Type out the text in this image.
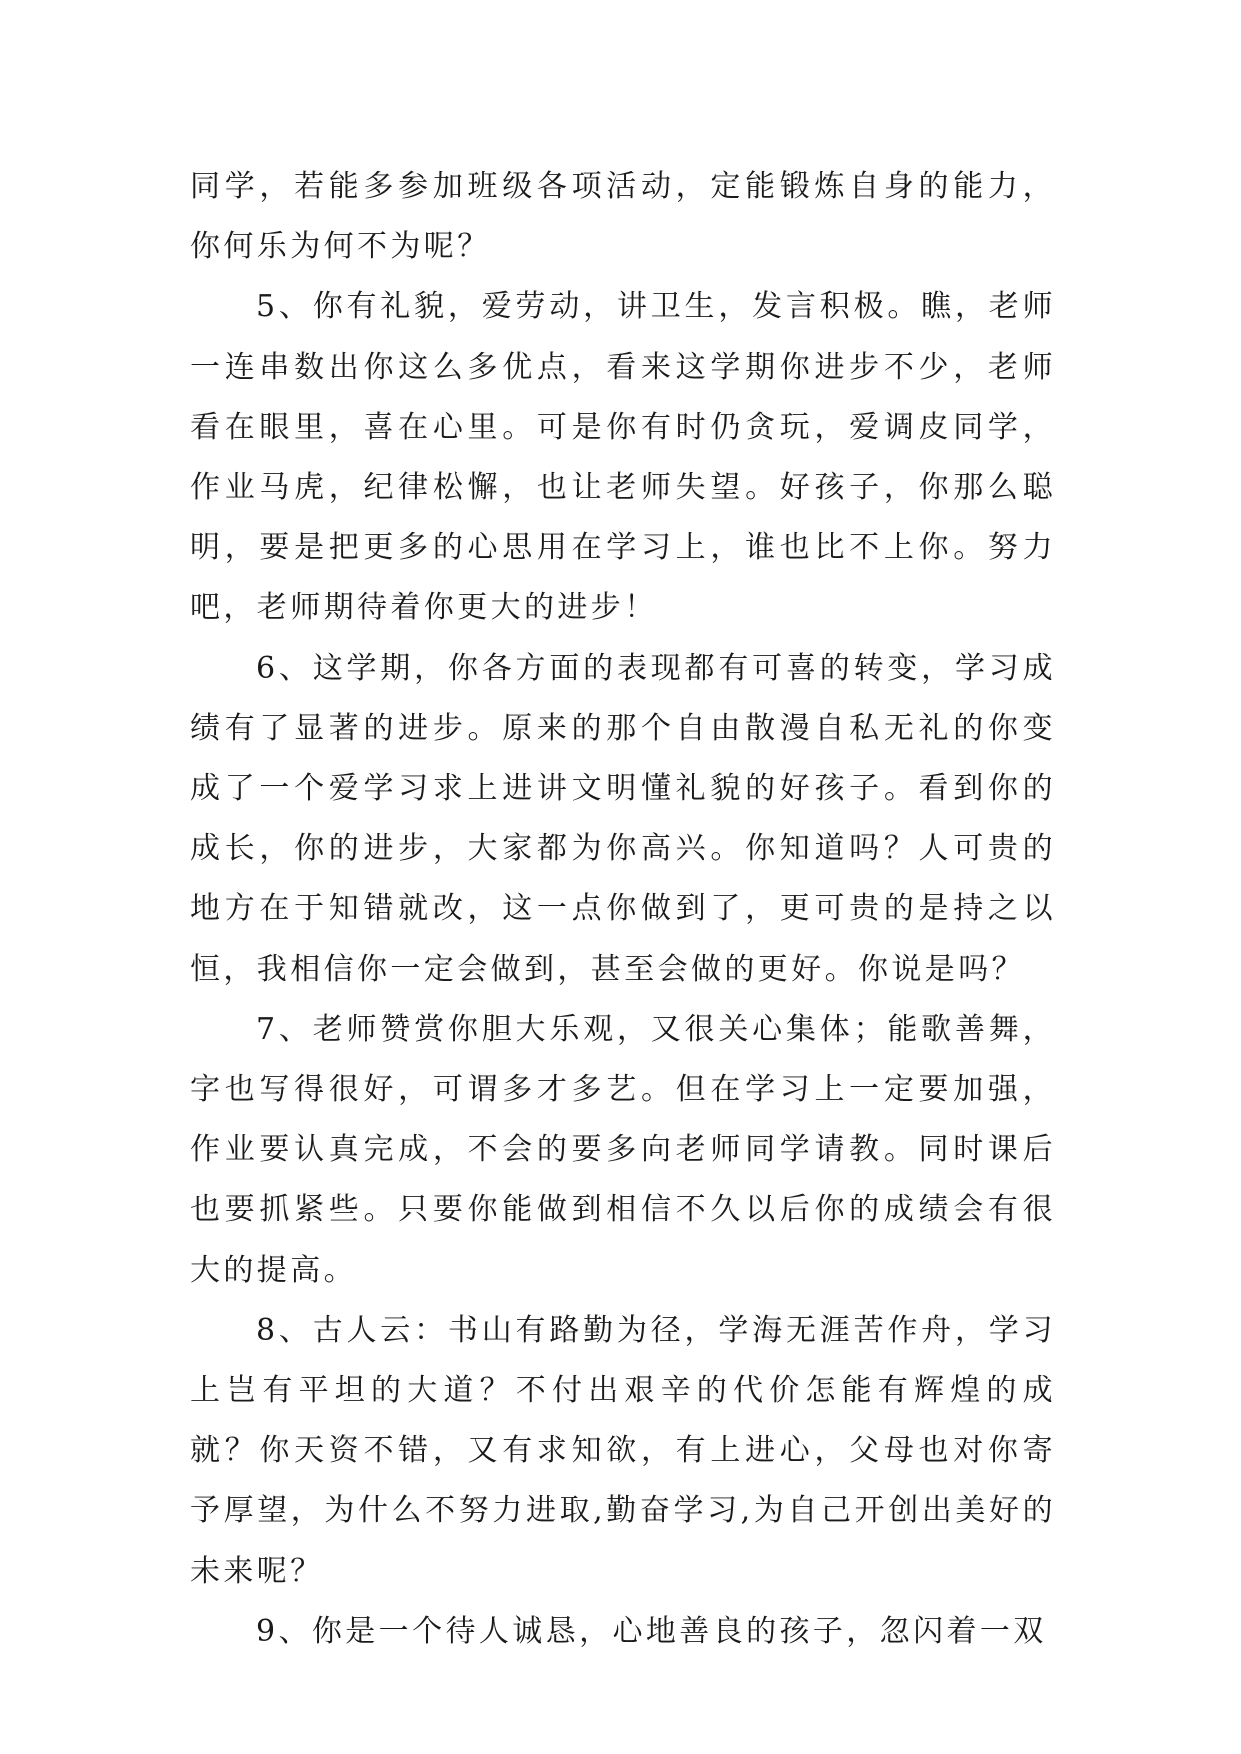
同学，若能多参加班级各项活动，定能锻炼自身的能力，你何乐为何不为呢？

5、你有礼貌，爱劳动，讲卫生，发言积极。瞧，老师一连串数出你这么多优点，看来这学期你进步不少，老师看在眼里，喜在心里。可是你有时仍贪玩，爱调皮同学，作业马虎，纪律松懈，也让老师失望。好孩子，你那么聪明，要是把更多的心思用在学习上，谁也比不上你。努力吧，老师期待着你更大的进步！

6、这学期，你各方面的表现都有可喜的转变，学习成绩有了显著的进步。原来的那个自由散漫自私无礼的你变成了一个爱学习求上进讲文明懂礼貌的好孩子。看到你的成长，你的进步，大家都为你高兴。你知道吗？人可贵的地方在于知错就改，这一点你做到了，更可贵的是持之以恒，我相信你一定会做到，甚至会做的更好。你说是吗？

7、老师赞赏你胆大乐观，又很关心集体；能歌善舞，字也写得很好，可谓多才多艺。但在学习上一定要加强，作业要认真完成，不会的要多向老师同学请教。同时课后也要抓紧些。只要你能做到相信不久以后你的成绩会有很大的提高。

8、古人云：书山有路勤为径，学海无涯苦作舟，学习上岂有平坦的大道？不付出艰辛的代价怎能有辉煌的成就？你天资不错，又有求知欲，有上进心，父母也对你寄予厚望，为什么不努力进取,勤奋学习,为自己开创出美好的未来呢？

9、你是一个待人诚恳，心地善良的孩子，忽闪着一双
